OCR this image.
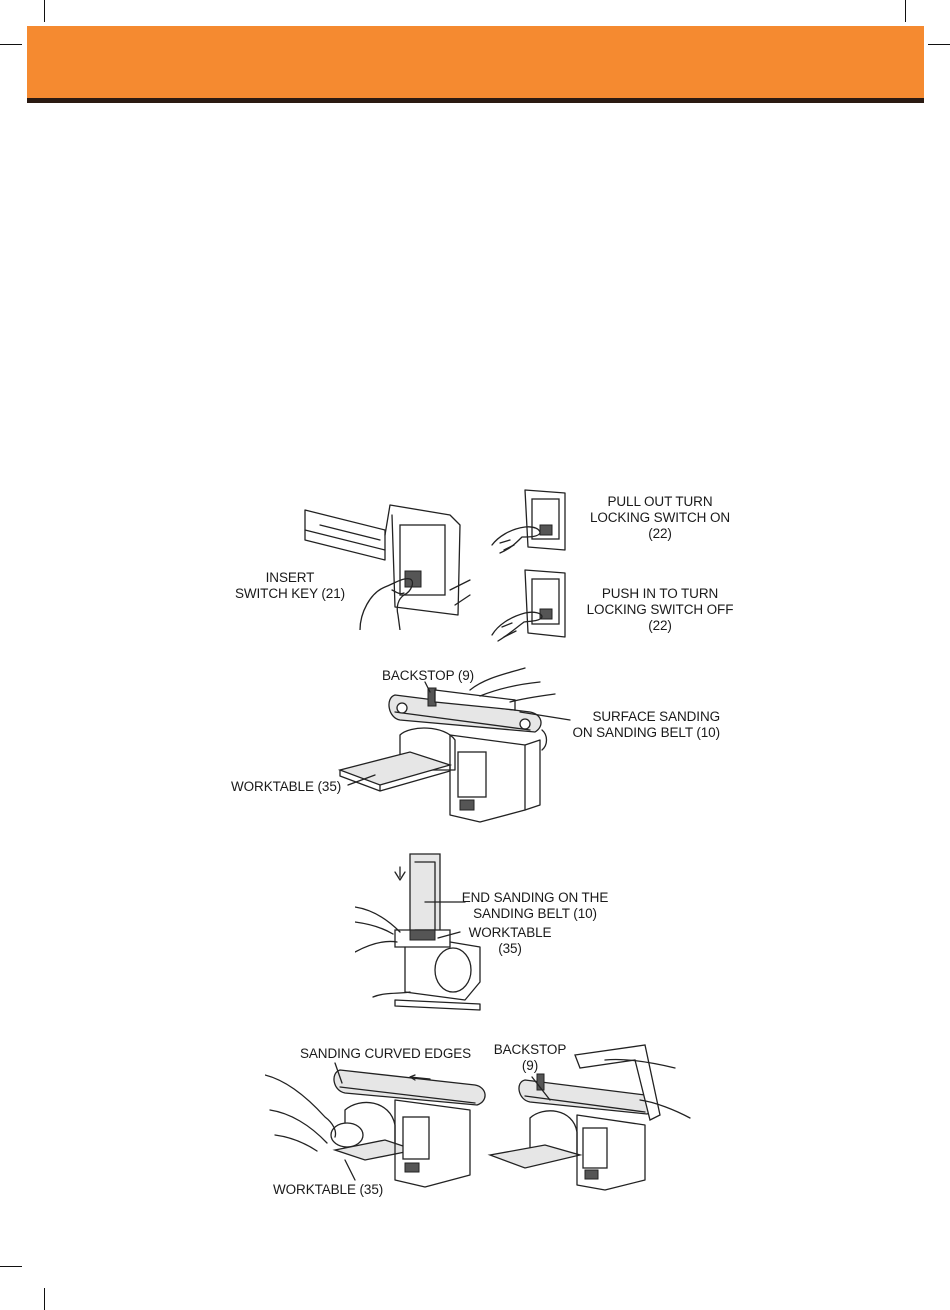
INSERT
SWITCH KEY (21)
PULL OUT TURN
LOCKING SWITCH ON
(22)
PUSH IN TO TURN
LOCKING SWITCH OFF
(22)
BACKSTOP (9)
SURFACE SANDING
ON SANDING BELT (10)
WORKTABLE (35)
END SANDING ON THE
SANDING BELT (10)
WORKTABLE
(35)
SANDING CURVED EDGES	BACKSTOP
(9)
WORKTABLE (35)
